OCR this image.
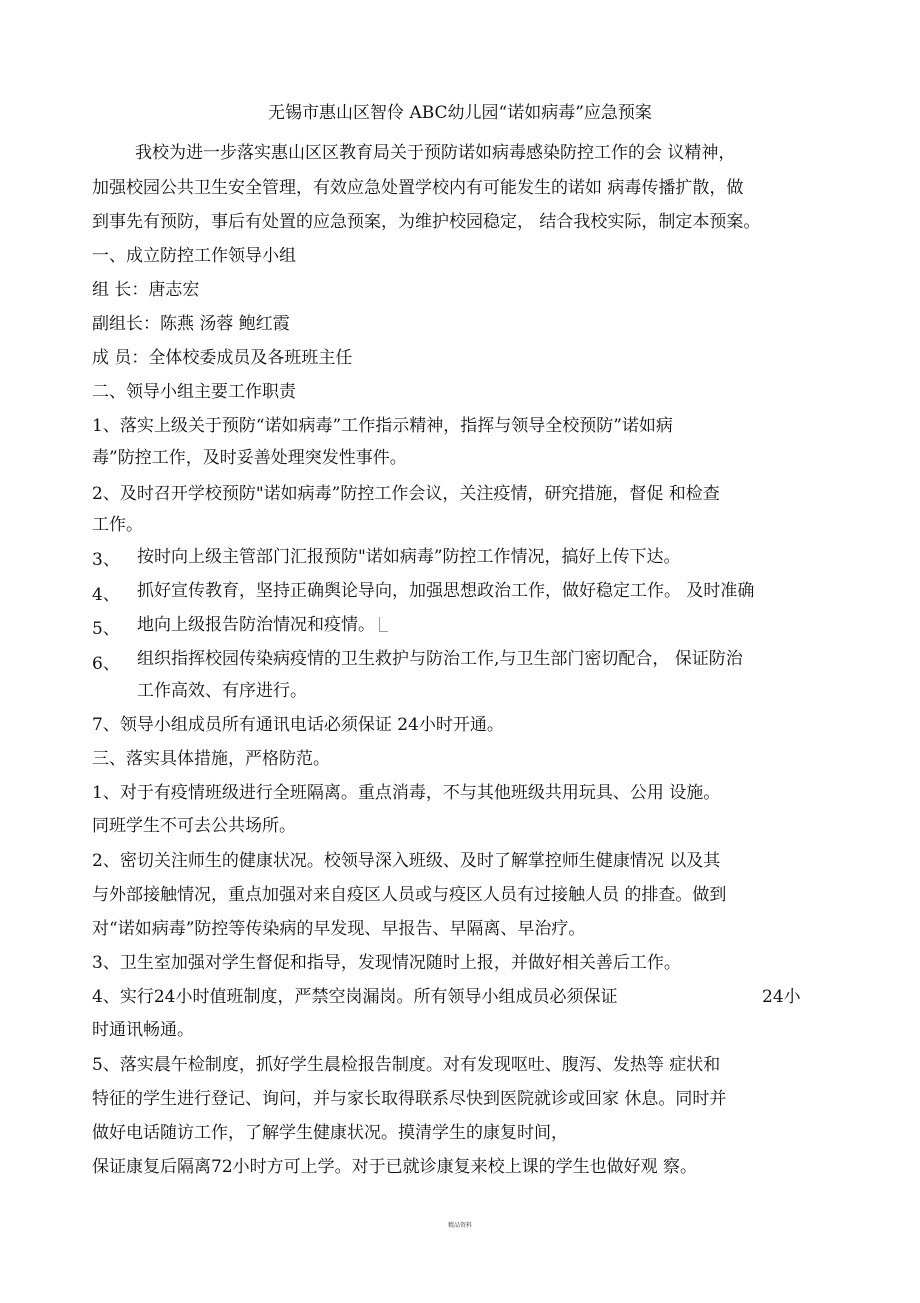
无锡市惠山区智伶 ABC幼儿园“诺如病毒”应急预案
我校为进一步落实惠山区区教育局关于预防诺如病毒感染防控工作的会 议精神，
加强校园公共卫生安全管理，有效应急处置学校内有可能发生的诺如 病毒传播扩散，做
到事先有预防，事后有处置的应急预案，为维护校园稳定， 结合我校实际，制定本预案。
一、成立防控工作领导小组
组 长：唐志宏
副组长：陈燕 汤蓉 鲍红霞
成 员：全体校委成员及各班班主任
二、领导小组主要工作职责
1、落实上级关于预防“诺如病毒”工作指示精神，指挥与领导全校预防”诺如病
毒”防控工作，及时妥善处理突发性事件。
2、及时召开学校预防"诺如病毒”防控工作会议，关注疫情，研究措施，督促 和检查
工作。
3、 按时向上级主管部门汇报预防"诺如病毒”防控工作情况，搞好上传下达。
4、 抓好宣传教育，坚持正确舆论导向，加强思想政治工作，做好稳定工作。 及时准确
5、 地向上级报告防治情况和疫情。
6、 组织指挥校园传染病疫情的卫生救护与防治工作,与卫生部门密切配合， 保证防治
工作高效、有序进行。
7、领导小组成员所有通讯电话必须保证 24小时开通。
三、落实具体措施，严格防范。
1、对于有疫情班级进行全班隔离。重点消毒，不与其他班级共用玩具、公用 设施。
同班学生不可去公共场所。
2、密切关注师生的健康状况。校领导深入班级、及时了解掌控师生健康情况 以及其
与外部接触情况，重点加强对来自疫区人员或与疫区人员有过接触人员 的排查。做到
对“诺如病毒”防控等传染病的早发现、早报告、早隔离、早治疗。
3、卫生室加强对学生督促和指导，发现情况随时上报，并做好相关善后工作。
4、实行24小时值班制度，严禁空岗漏岗。所有领导小组成员必须保证	24小
时通讯畅通。
5、落实晨午检制度，抓好学生晨检报告制度。对有发现呕吐、腹泻、发热等 症状和
特征的学生进行登记、询问，并与家长取得联系尽快到医院就诊或回家 休息。同时并
做好电话随访工作，了解学生健康状况。摸清学生的康复时间，
保证康复后隔离72小时方可上学。对于已就诊康复来校上课的学生也做好观 察。
精品资料
